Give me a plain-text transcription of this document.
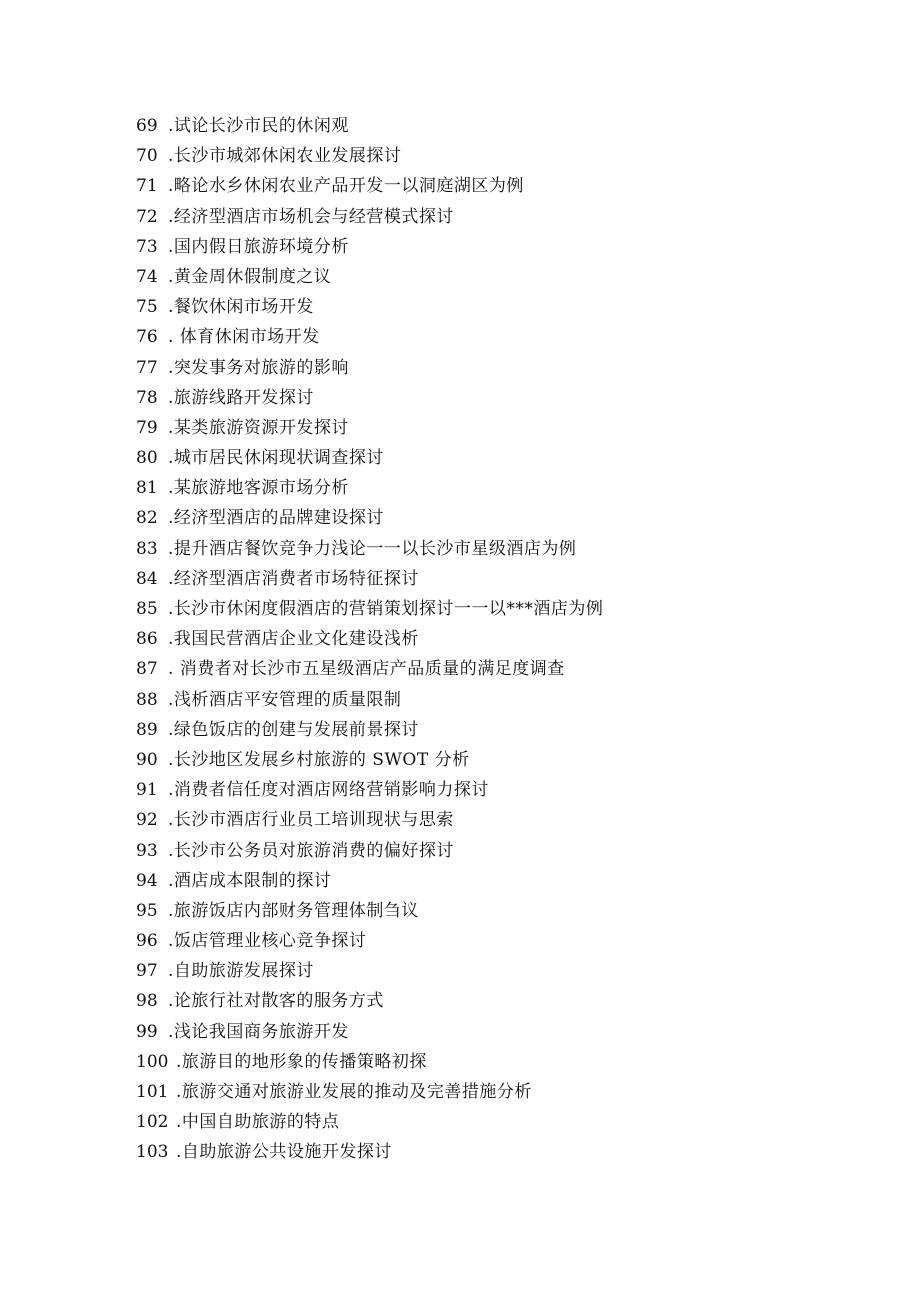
69 .试论长沙市民的休闲观
70 .长沙市城郊休闲农业发展探讨
71 .略论水乡休闲农业产品开发一以洞庭湖区为例
72 .经济型酒店市场机会与经营模式探讨
73 .国内假日旅游环境分析
74 .黄金周休假制度之议
75 .餐饮休闲市场开发
76 . 体育休闲市场开发
77 .突发事务对旅游的影响
78 .旅游线路开发探讨
79 .某类旅游资源开发探讨
80 .城市居民休闲现状调查探讨
81 .某旅游地客源市场分析
82 .经济型酒店的品牌建设探讨
83 .提升酒店餐饮竞争力浅论一一以长沙市星级酒店为例
84 .经济型酒店消费者市场特征探讨
85 .长沙市休闲度假酒店的营销策划探讨一一以***酒店为例
86 .我国民营酒店企业文化建设浅析
87 . 消费者对长沙市五星级酒店产品质量的满足度调查
88 .浅析酒店平安管理的质量限制
89 .绿色饭店的创建与发展前景探讨
90 .长沙地区发展乡村旅游的 SWOT 分析
91 .消费者信任度对酒店网络营销影响力探讨
92 .长沙市酒店行业员工培训现状与思索
93 .长沙市公务员对旅游消费的偏好探讨
94 .酒店成本限制的探讨
95 .旅游饭店内部财务管理体制刍议
96 .饭店管理业核心竞争探讨
97 .自助旅游发展探讨
98 .论旅行社对散客的服务方式
99 .浅论我国商务旅游开发
100 .旅游目的地形象的传播策略初探
101 .旅游交通对旅游业发展的推动及完善措施分析
102 .中国自助旅游的特点
103 .自助旅游公共设施开发探讨
